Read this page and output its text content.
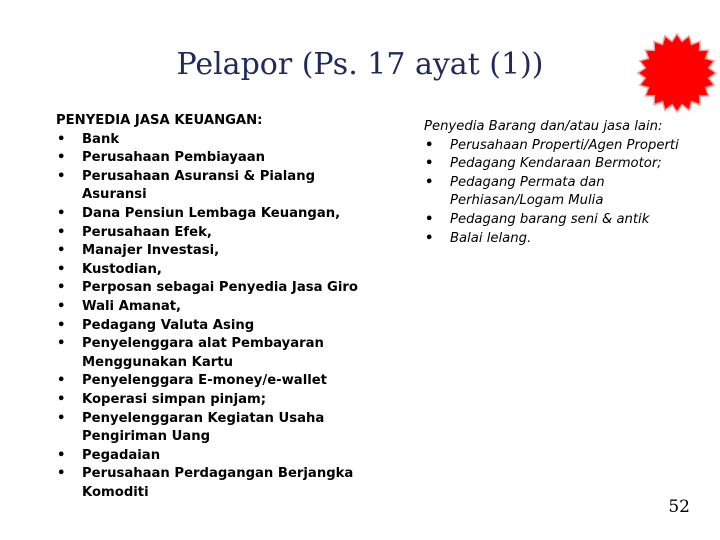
Pelapor (Ps. 17 ayat (1))
PENYEDIA JASA KEUANGAN:
• Bank
• Perusahaan Pembiayaan
• Perusahaan Asuransi & Pialang Asuransi
• Dana Pensiun Lembaga Keuangan,
• Perusahaan Efek,
• Manajer Investasi,
• Kustodian,
• Perposan sebagai Penyedia Jasa Giro
• Wali Amanat,
• Pedagang Valuta Asing
• Penyelenggara alat Pembayaran Menggunakan Kartu
• Penyelenggara E-money/e-wallet
• Koperasi simpan pinjam;
• Penyelenggaran Kegiatan Usaha Pengiriman Uang
• Pegadaian
• Perusahaan Perdagangan Berjangka Komoditi
Penyedia Barang dan/atau jasa lain:
• Perusahaan Properti/Agen Properti
• Pedagang Kendaraan Bermotor;
• Pedagang Permata dan Perhiasan/Logam Mulia
• Pedagang barang seni & antik
• Balai lelang.
52
